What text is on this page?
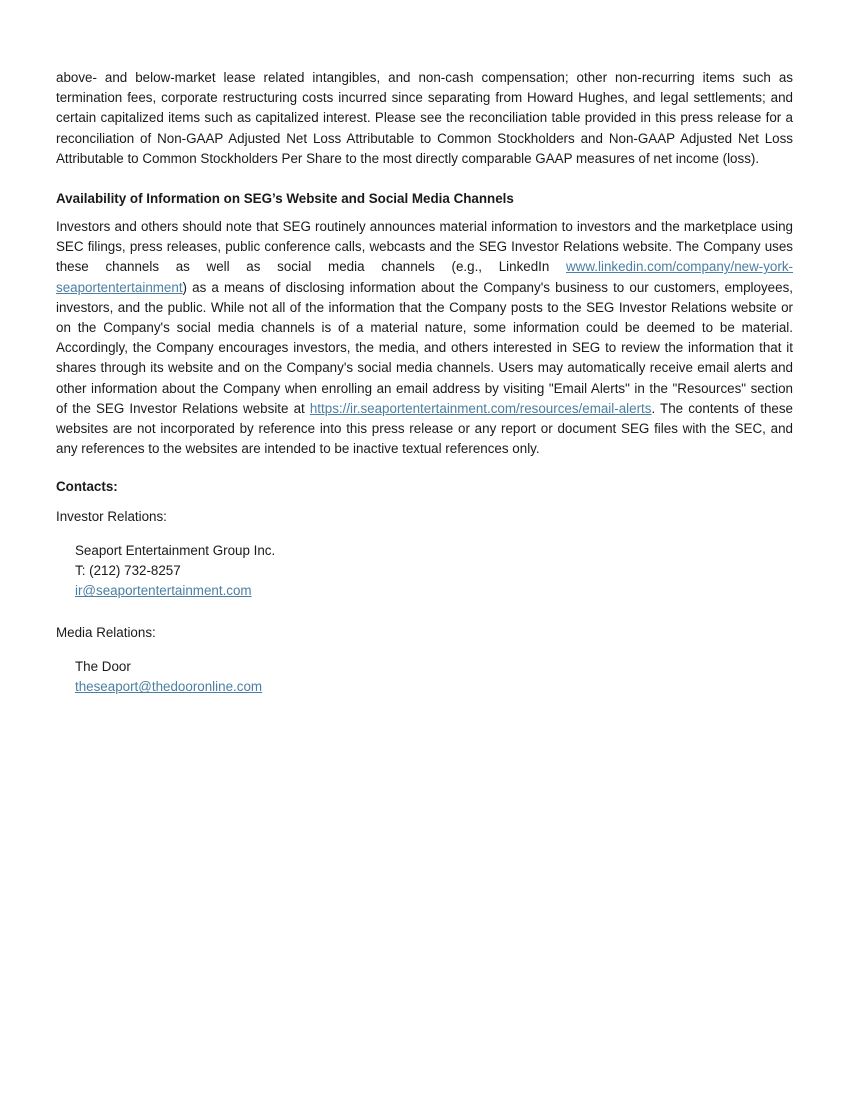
above- and below-market lease related intangibles, and non-cash compensation; other non-recurring items such as termination fees, corporate restructuring costs incurred since separating from Howard Hughes, and legal settlements; and certain capitalized items such as capitalized interest. Please see the reconciliation table provided in this press release for a reconciliation of Non-GAAP Adjusted Net Loss Attributable to Common Stockholders and Non-GAAP Adjusted Net Loss Attributable to Common Stockholders Per Share to the most directly comparable GAAP measures of net income (loss).

Availability of Information on SEG’s Website and Social Media Channels

Investors and others should note that SEG routinely announces material information to investors and the marketplace using SEC filings, press releases, public conference calls, webcasts and the SEG Investor Relations website. The Company uses these channels as well as social media channels (e.g., LinkedIn www.linkedin.com/company/new-york-seaportentertainment) as a means of disclosing information about the Company's business to our customers, employees, investors, and the public. While not all of the information that the Company posts to the SEG Investor Relations website or on the Company's social media channels is of a material nature, some information could be deemed to be material. Accordingly, the Company encourages investors, the media, and others interested in SEG to review the information that it shares through its website and on the Company's social media channels. Users may automatically receive email alerts and other information about the Company when enrolling an email address by visiting "Email Alerts" in the "Resources" section of the SEG Investor Relations website at https://ir.seaportentertainment.com/resources/email-alerts. The contents of these websites are not incorporated by reference into this press release or any report or document SEG files with the SEC, and any references to the websites are intended to be inactive textual references only.

Contacts:
Investor Relations:
Seaport Entertainment Group Inc.
T: (212) 732-8257
ir@seaportentertainment.com
Media Relations:
The Door
theseaport@thedooronline.com
